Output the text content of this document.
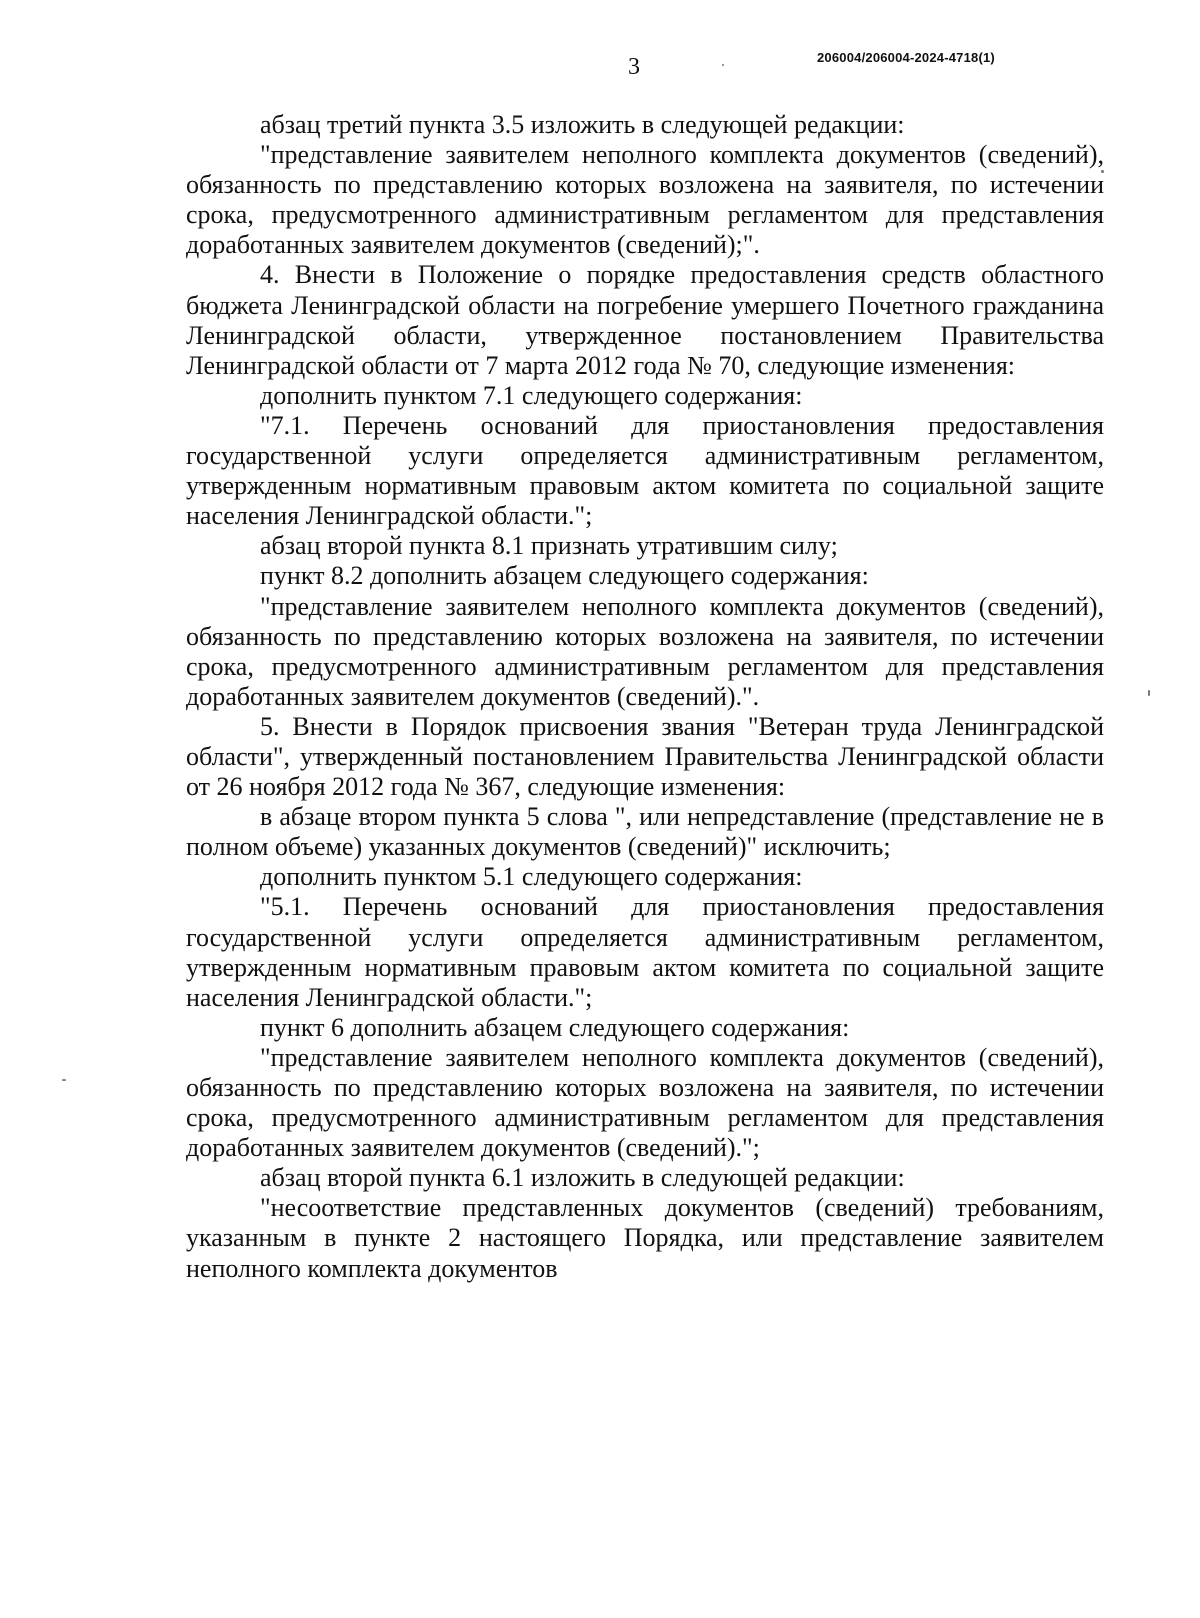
3	206004/206004-2024-4718(1)

абзац третий пункта 3.5 изложить в следующей редакции:

"представление заявителем неполного комплекта документов (сведений), обязанность по представлению которых возложена на заявителя, по истечении срока, предусмотренного административным регламентом для представления доработанных заявителем документов (сведений);".

4. Внести в Положение о порядке предоставления средств областного бюджета Ленинградской области на погребение умершего Почетного гражданина Ленинградской области, утвержденное постановлением Правительства Ленинградской области от 7 марта 2012 года № 70, следующие изменения:

дополнить пунктом 7.1 следующего содержания:

"7.1. Перечень оснований для приостановления предоставления государственной услуги определяется административным регламентом, утвержденным нормативным правовым актом комитета по социальной защите населения Ленинградской области.";

абзац второй пункта 8.1 признать утратившим силу;

пункт 8.2 дополнить абзацем следующего содержания:

"представление заявителем неполного комплекта документов (сведений), обязанность по представлению которых возложена на заявителя, по истечении срока, предусмотренного административным регламентом для представления доработанных заявителем документов (сведений).".

5. Внести в Порядок присвоения звания "Ветеран труда Ленинградской области", утвержденный постановлением Правительства Ленинградской области от 26 ноября 2012 года № 367, следующие изменения:

в абзаце втором пункта 5 слова ", или непредставление (представление не в полном объеме) указанных документов (сведений)" исключить;

дополнить пунктом 5.1 следующего содержания:

"5.1. Перечень оснований для приостановления предоставления государственной услуги определяется административным регламентом, утвержденным нормативным правовым актом комитета по социальной защите населения Ленинградской области.";

пункт 6 дополнить абзацем следующего содержания:

"представление заявителем неполного комплекта документов (сведений), обязанность по представлению которых возложена на заявителя, по истечении срока, предусмотренного административным регламентом для представления доработанных заявителем документов (сведений).";

абзац второй пункта 6.1 изложить в следующей редакции:

"несоответствие представленных документов (сведений) требованиям, указанным в пункте 2 настоящего Порядка, или представление заявителем неполного комплекта документов
